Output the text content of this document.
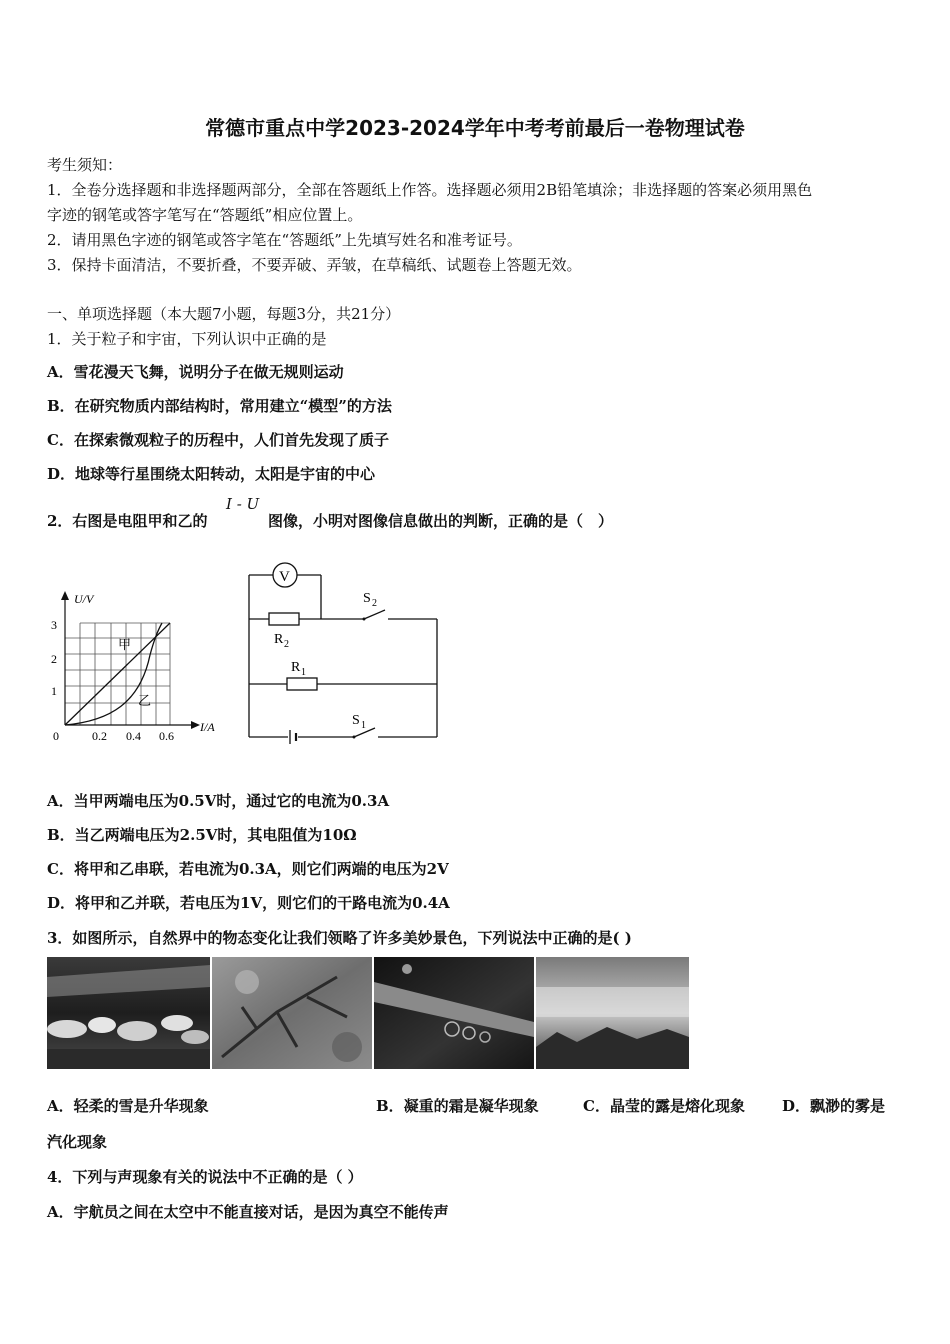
常德市重点中学2023-2024学年中考考前最后一卷物理试卷
考生须知：
1．全卷分选择题和非选择题两部分，全部在答题纸上作答。选择题必须用2B铅笔填涂；非选择题的答案必须用黑色
字迹的钢笔或答字笔写在“答题纸”相应位置上。
2．请用黑色字迹的钢笔或答字笔在“答题纸”上先填写姓名和准考证号。
3．保持卡面清洁，不要折叠，不要弄破、弄皱，在草稿纸、试题卷上答题无效。
一、单项选择题（本大题7小题，每题3分，共21分）
1．关于粒子和宇宙，下列认识中正确的是
A．雪花漫天飞舞，说明分子在做无规则运动
B．在研究物质内部结构时，常用建立“模型”的方法
C．在探索微观粒子的历程中，人们首先发现了质子
D．地球等行星围绕太阳转动，太阳是宇宙的中心
2．右图是电阻甲和乙的
I - U
图像，小明对图像信息做出的判断，正确的是（　）
U/V
I/A
0
1
2
3
0.2 0.4 0.6
甲
乙
V
R 2
S 2
R 1
S 1
A．当甲两端电压为0.5V时，通过它的电流为0.3A
B．当乙两端电压为2.5V时，其电阻值为10Ω
C．将甲和乙串联，若电流为0.3A，则它们两端的电压为2V
D．将甲和乙并联，若电压为1V，则它们的干路电流为0.4A
3．如图所示，自然界中的物态变化让我们领略了许多美妙景色，下列说法中正确的是( )
A．轻柔的雪是升华现象	B．凝重的霜是凝华现象	C．晶莹的露是熔化现象 D．飘渺的雾是
汽化现象
4．下列与声现象有关的说法中不正确的是（ ）
A．宇航员之间在太空中不能直接对话，是因为真空不能传声
